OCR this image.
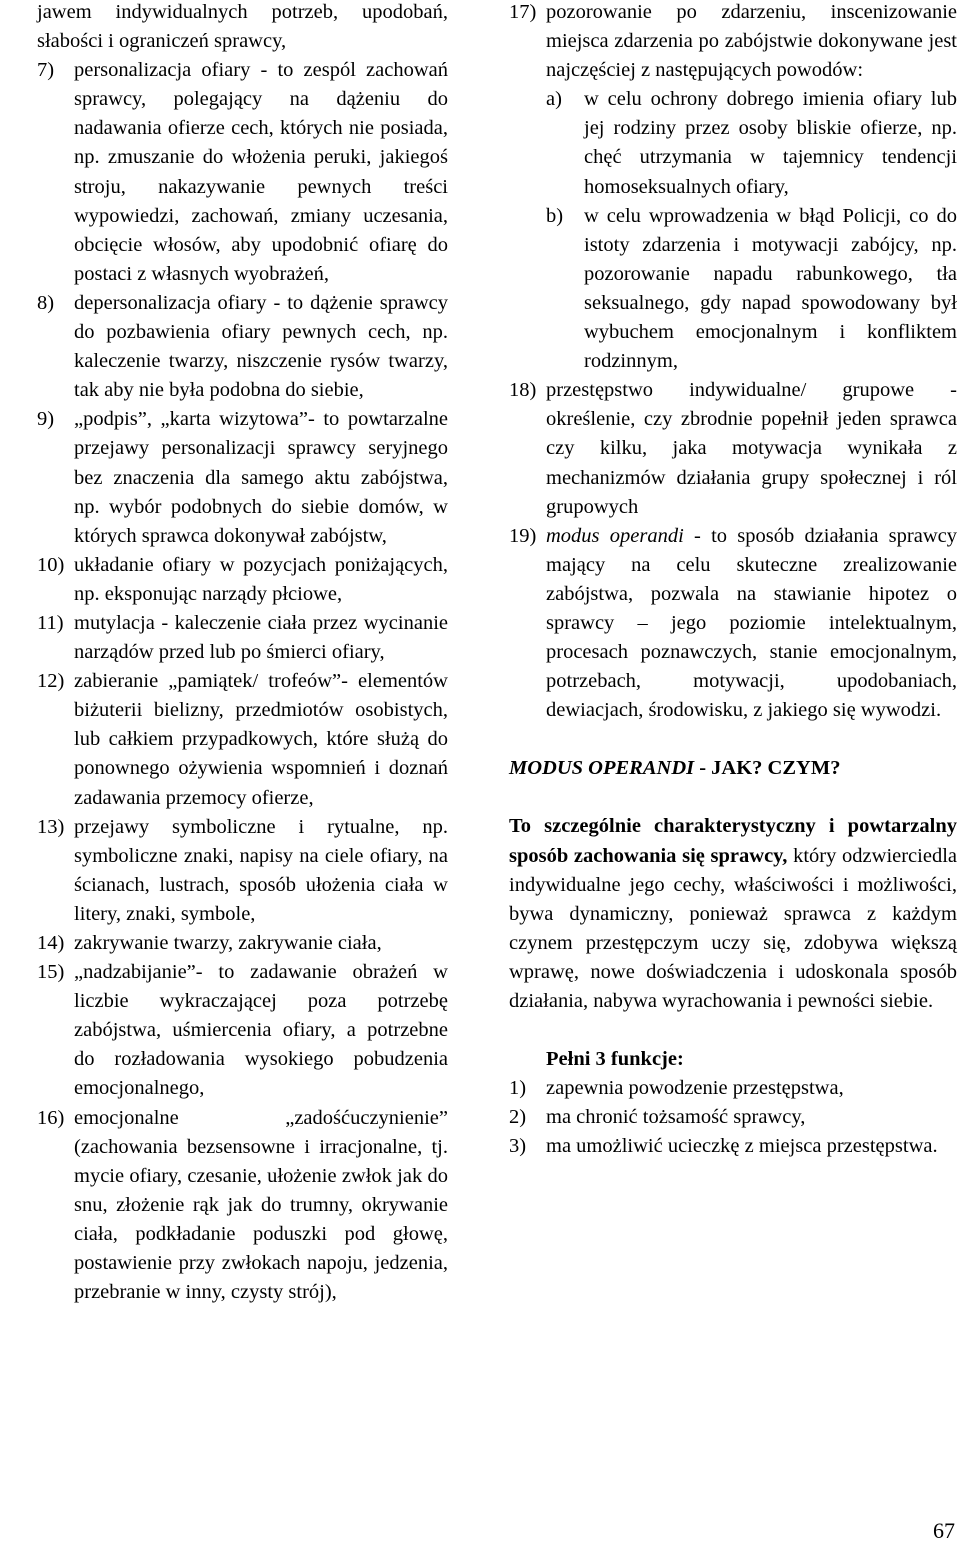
jawem indywidualnych potrzeb, upodobań, słabości i ograniczeń sprawcy,

7) personalizacja ofiary - to zespól zachowań sprawcy, polegający na dążeniu do nadawania ofierze cech, których nie posiada, np. zmuszanie do włożenia peruki, jakiegoś stroju, nakazywanie pewnych treści wypowiedzi, zachowań, zmiany uczesania, obcięcie włosów, aby upodobnić ofiarę do postaci z własnych wyobrażeń,
8) depersonalizacja ofiary - to dążenie sprawcy do pozbawienia ofiary pewnych cech, np. kaleczenie twarzy, niszczenie rysów twarzy, tak aby nie była podobna do siebie,
9) „podpis”, „karta wizytowa”- to powtarzalne przejawy personalizacji sprawcy seryjnego bez znaczenia dla samego aktu zabójstwa, np. wybór podobnych do siebie domów, w których sprawca dokonywał zabójstw,
10) układanie ofiary w pozycjach poniżających, np. eksponując narządy płciowe,
11) mutylacja - kaleczenie ciała przez wycinanie narządów przed lub po śmierci ofiary,
12) zabieranie „pamiątek/ trofeów”- elementów biżuterii bielizny, przedmiotów osobistych, lub całkiem przypadkowych, które służą do ponownego ożywienia wspomnień i doznań zadawania przemocy ofierze,
13) przejawy symboliczne i rytualne, np. symboliczne znaki, napisy na ciele ofiary, na ścianach, lustrach, sposób ułożenia ciała w litery, znaki, symbole,
14) zakrywanie twarzy, zakrywanie ciała,
15) „nadzabijanie”- to zadawanie obrażeń w liczbie wykraczającej poza potrzebę zabójstwa, uśmiercenia ofiary, a potrzebne do rozładowania wysokiego pobudzenia emocjonalnego,
16) emocjonalne „zadośćuczynienie” (zachowania bezsensowne i irracjonalne, tj. mycie ofiary, czesanie, ułożenie zwłok jak do snu, złożenie rąk jak do trumny, okrywanie ciała, podkładanie poduszki pod głowę, postawienie przy zwłokach napoju, jedzenia, przebranie w inny, czysty strój),
17) pozorowanie po zdarzeniu, inscenizowanie miejsca zdarzenia po zabójstwie dokonywane jest najczęściej z następujących powodów:
a)	w celu ochrony dobrego imienia ofiary lub jej rodziny przez osoby bliskie ofierze, np. chęć utrzymania w tajemnicy tendencji homoseksualnych ofiary,
b)	w celu wprowadzenia w błąd Policji, co do istoty zdarzenia i motywacji zabójcy, np. pozorowanie napadu rabunkowego, tła seksualnego, gdy napad spowodowany był wybuchem emocjonalnym i konfliktem rodzinnym,
18) przestępstwo indywidualne/ grupowe - określenie, czy zbrodnie popełnił jeden sprawca czy kilku, jaka motywacja wynikała z mechanizmów działania grupy społecznej i ról grupowych
19) modus operandi - to sposób działania sprawcy mający na celu skuteczne zrealizowanie zabójstwa, pozwala na stawianie hipotez o sprawcy – jego poziomie intelektualnym, procesach poznawczych, stanie emocjonalnym, potrzebach, motywacji, upodobaniach, dewiacjach, środowisku, z jakiego się wywodzi.

MODUS OPERANDI - JAK? CZYM?

To szczególnie charakterystyczny i powtarzalny sposób zachowania się sprawcy, który odzwierciedla indywidualne jego cechy, właściwości i możliwości, bywa dynamiczny, ponieważ sprawca z każdym czynem przestępczym uczy się, zdobywa większą wprawę, nowe doświadczenia i udoskonala sposób działania, nabywa wyrachowania i pewności siebie.

Pełni 3 funkcje:

1) zapewnia powodzenie przestępstwa,
2) ma chronić tożsamość sprawcy,
3) ma umożliwić ucieczkę z miejsca przestępstwa.
67
